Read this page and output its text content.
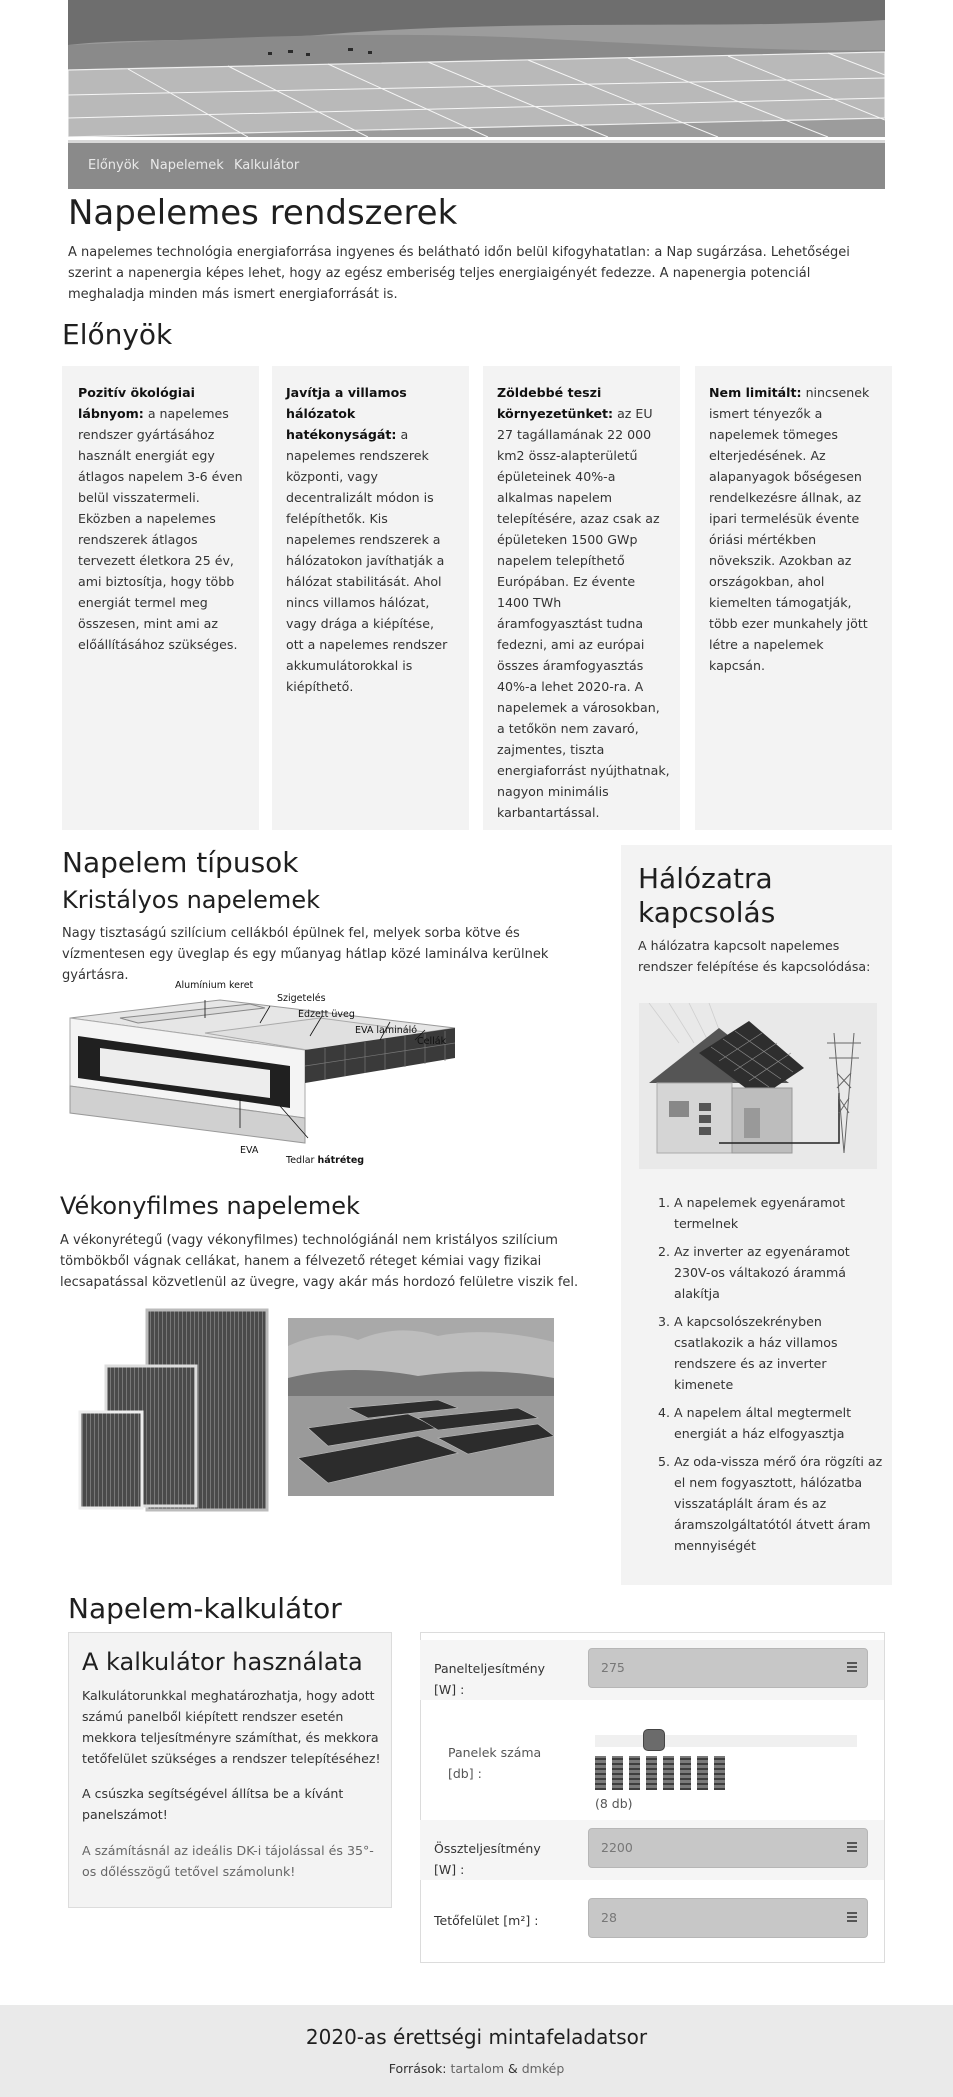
Előnyök Napelemek Kalkulátor
Napelemes rendszerek

A napelemes technológia energiaforrása ingyenes és belátható időn belül kifogyhatatlan: a Nap sugárzása. Lehetőségei szerint a napenergia képes lehet, hogy az egész emberiség teljes energiaigényét fedezze. A napenergia potenciál meghaladja minden más ismert energiaforrását is.

Előnyök

Pozitív ökológiai lábnyom: a napelemes rendszer gyártásához használt energiát egy átlagos napelem 3-6 éven belül visszatermeli. Eközben a napelemes rendszerek átlagos tervezett életkora 25 év, ami biztosítja, hogy több energiát termel meg összesen, mint ami az előállításához szükséges.

Javítja a villamos hálózatok hatékonyságát: a napelemes rendszerek központi, vagy decentralizált módon is felépíthetők. Kis napelemes rendszerek a hálózatokon javíthatják a hálózat stabilitását. Ahol nincs villamos hálózat, vagy drága a kiépítése, ott a napelemes rendszer akkumulátorokkal is kiépíthető.

Zöldebbé teszi környezetünket: az EU 27 tagállamának 22 000 km2 össz-alapterületű épületeinek 40%-a alkalmas napelem telepítésére, azaz csak az épületeken 1500 GWp napelem telepíthető Európában. Ez évente 1400 TWh áramfogyasztást tudna fedezni, ami az európai összes áramfogyasztás 40%-a lehet 2020-ra. A napelemek a városokban, a tetőkön nem zavaró, zajmentes, tiszta energiaforrást nyújthatnak, nagyon minimális karbantartással.

Nem limitált: nincsenek ismert tényezők a napelemek tömeges elterjedésének. Az alapanyagok bőségesen rendelkezésre állnak, az ipari termelésük évente óriási mértékben növekszik. Azokban az országokban, ahol kiemelten támogatják, több ezer munkahely jött létre a napelemek kapcsán.

Napelem típusok
Kristályos napelemek

Nagy tisztaságú szilícium cellákból épülnek fel, melyek sorba kötve és vízmentesen egy üveglap és egy műanyag hátlap közé laminálva kerülnek gyártásra.

Alumínium keret
Szigetelés
Edzett üveg
EVA lamináló
Cellák
EVA
Tedlar hátréteg
Vékonyfilmes napelemek

A vékonyrétegű (vagy vékonyfilmes) technológiánál nem kristályos szilícium tömbökből vágnak cellákat, hanem a félvezető réteget kémiai vagy fizikai lecsapatással közvetlenül az üvegre, vagy akár más hordozó felületre viszik fel.

Hálózatra
kapcsolás

A hálózatra kapcsolt napelemes rendszer felépítése és kapcsolódása:

1. A napelemek egyenáramot termelnek
2. Az inverter az egyenáramot 230V-os váltakozó árammá alakítja
3. A kapcsolószekrényben csatlakozik a ház villamos rendszere és az inverter kimenete
4. A napelem által megtermelt energiát a ház elfogyasztja
5. Az oda-vissza mérő óra rögzíti az el nem fogyasztott, hálózatba visszatáplált áram és az áramszolgáltatótól átvett áram mennyiségét
Napelem-kalkulátor
A kalkulátor használata

Kalkulátorunkkal meghatározhatja, hogy adott számú panelből kiépített rendszer esetén mekkora teljesítményre számíthat, és mekkora tetőfelület szükséges a rendszer telepítéséhez!

A csúszka segítségével állítsa be a kívánt panelszámot!

A számításnál az ideális DK-i tájolással és 35°-os dőlésszögű tetővel számolunk!

Panelteljesítmény [W] :
275
Panelek száma [db] :
(8 db)
Összteljesítmény [W] :
2200
Tetőfelület [m²] :	28
2020-as érettségi mintafeladatsor
Források: tartalom & dmkép
